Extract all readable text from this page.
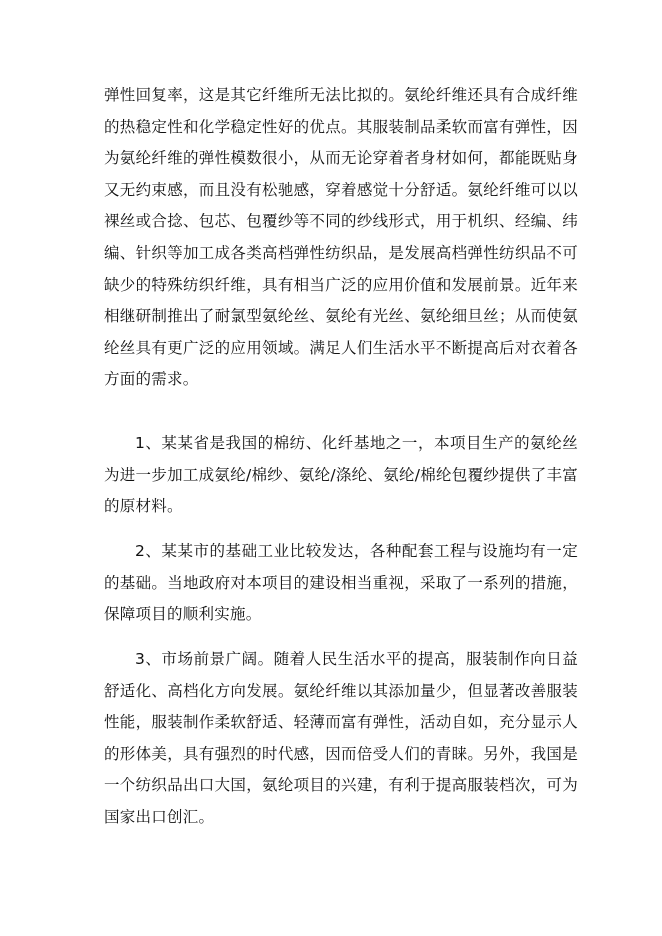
弹性回复率，这是其它纤维所无法比拟的。氨纶纤维还具有合成纤维的热稳定性和化学稳定性好的优点。其服装制品柔软而富有弹性，因为氨纶纤维的弹性模数很小，从而无论穿着者身材如何，都能既贴身又无约束感，而且没有松驰感，穿着感觉十分舒适。氨纶纤维可以以裸丝或合捻、包芯、包覆纱等不同的纱线形式，用于机织、经编、纬编、针织等加工成各类高档弹性纺织品，是发展高档弹性纺织品不可缺少的特殊纺织纤维，具有相当广泛的应用价值和发展前景。近年来相继研制推出了耐氯型氨纶丝、氨纶有光丝、氨纶细旦丝；从而使氨纶丝具有更广泛的应用领域。满足人们生活水平不断提高后对衣着各方面的需求。

1、某某省是我国的棉纺、化纤基地之一，本项目生产的氨纶丝为进一步加工成氨纶/棉纱、氨纶/涤纶、氨纶/棉纶包覆纱提供了丰富的原材料。

2、某某市的基础工业比较发达，各种配套工程与设施均有一定的基础。当地政府对本项目的建设相当重视，采取了一系列的措施，保障项目的顺利实施。

3、市场前景广阔。随着人民生活水平的提高，服装制作向日益舒适化、高档化方向发展。氨纶纤维以其添加量少，但显著改善服装性能，服装制作柔软舒适、轻薄而富有弹性，活动自如，充分显示人的形体美，具有强烈的时代感，因而倍受人们的青睐。另外，我国是一个纺织品出口大国，氨纶项目的兴建，有利于提高服装档次，可为国家出口创汇。
